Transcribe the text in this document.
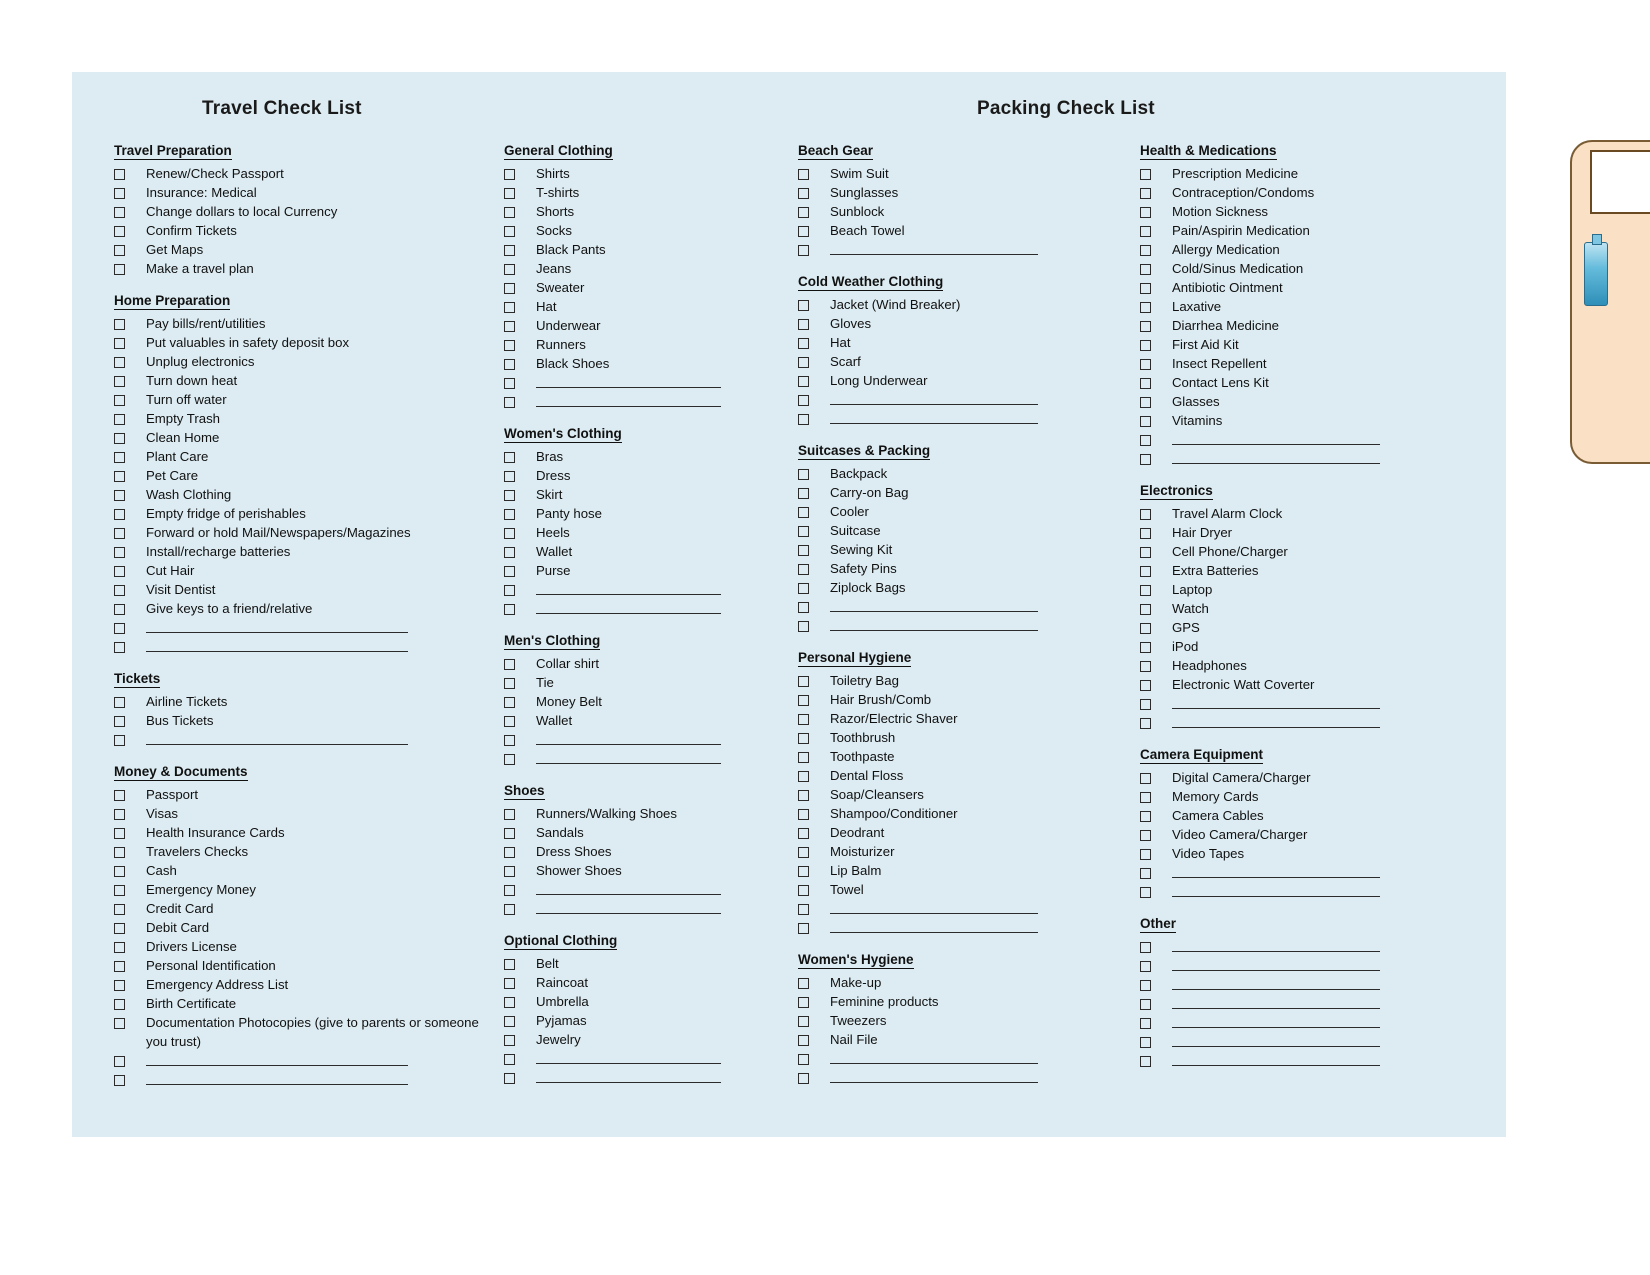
Travel Check List	Packing Check List
Travel Preparation
Renew/Check Passport
Insurance: Medical
Change dollars to local Currency
Confirm Tickets
Get Maps
Make a travel plan
Home Preparation
Pay bills/rent/utilities
Put valuables in safety deposit box
Unplug electronics
Turn down heat
Turn off water
Empty Trash
Clean Home
Plant Care
Pet Care
Wash Clothing
Empty fridge of perishables
Forward or hold Mail/Newspapers/Magazines
Install/recharge batteries
Cut Hair
Visit Dentist
Give keys to a friend/relative
Tickets
Airline Tickets
Bus Tickets
Money & Documents
Passport
Visas
Health Insurance Cards
Travelers Checks
Cash
Emergency Money
Credit Card
Debit Card
Drivers License
Personal Identification
Emergency Address List
Birth Certificate
Documentation Photocopies (give to parents or someone you trust)
General Clothing
Shirts
T-shirts
Shorts
Socks
Black Pants
Jeans
Sweater
Hat
Underwear
Runners
Black Shoes
Women's Clothing
Bras
Dress
Skirt
Panty hose
Heels
Wallet
Purse
Men's Clothing
Collar shirt
Tie
Money Belt
Wallet
Shoes
Runners/Walking Shoes
Sandals
Dress Shoes
Shower Shoes
Optional Clothing
Belt
Raincoat
Umbrella
Pyjamas
Jewelry
Beach Gear
Swim Suit
Sunglasses
Sunblock
Beach Towel
Cold Weather Clothing
Jacket (Wind Breaker)
Gloves
Hat
Scarf
Long Underwear
Suitcases & Packing
Backpack
Carry-on Bag
Cooler
Suitcase
Sewing Kit
Safety Pins
Ziplock Bags
Personal Hygiene
Toiletry Bag
Hair Brush/Comb
Razor/Electric Shaver
Toothbrush
Toothpaste
Dental Floss
Soap/Cleansers
Shampoo/Conditioner
Deodrant
Moisturizer
Lip Balm
Towel
Women's Hygiene
Make-up
Feminine products
Tweezers
Nail File
Health & Medications
Prescription Medicine
Contraception/Condoms
Motion Sickness
Pain/Aspirin Medication
Allergy Medication
Cold/Sinus Medication
Antibiotic Ointment
Laxative
Diarrhea Medicine
First Aid Kit
Insect Repellent
Contact Lens Kit
Glasses
Vitamins
Electronics
Travel Alarm Clock
Hair Dryer
Cell Phone/Charger
Extra Batteries
Laptop
Watch
GPS
iPod
Headphones
Electronic Watt Coverter
Camera Equipment
Digital Camera/Charger
Memory Cards
Camera Cables
Video Camera/Charger
Video Tapes
Other
